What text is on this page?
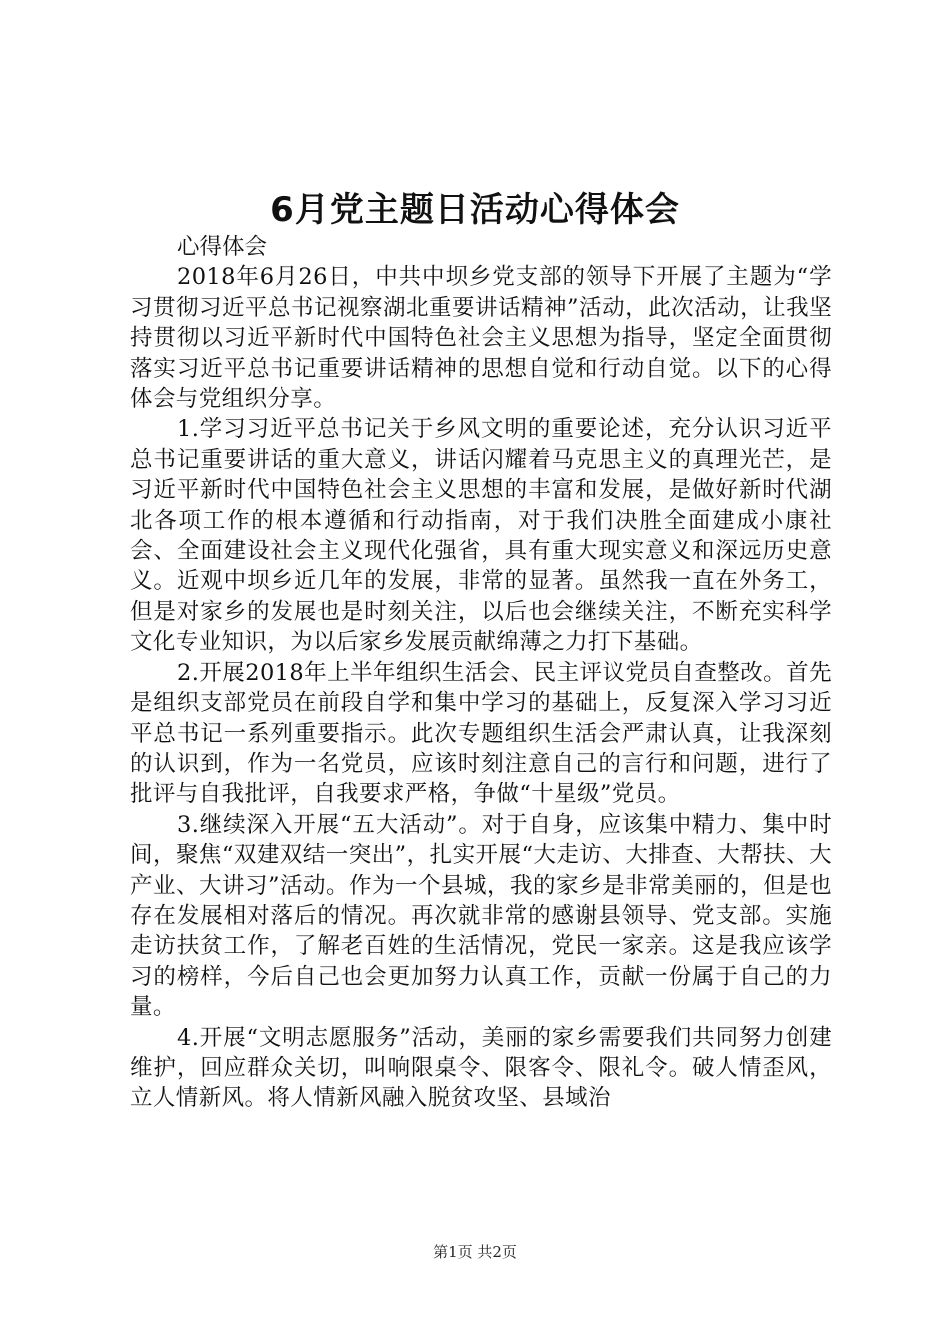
6月党主题日活动心得体会

心得体会

2018年6月26日，中共中坝乡党支部的领导下开展了主题为“学习贯彻习近平总书记视察湖北重要讲话精神”活动，此次活动，让我坚持贯彻以习近平新时代中国特色社会主义思想为指导，坚定全面贯彻落实习近平总书记重要讲话精神的思想自觉和行动自觉。以下的心得体会与党组织分享。

1.学习习近平总书记关于乡风文明的重要论述，充分认识习近平总书记重要讲话的重大意义，讲话闪耀着马克思主义的真理光芒，是习近平新时代中国特色社会主义思想的丰富和发展，是做好新时代湖北各项工作的根本遵循和行动指南，对于我们决胜全面建成小康社会、全面建设社会主义现代化强省，具有重大现实意义和深远历史意义。近观中坝乡近几年的发展，非常的显著。虽然我一直在外务工，但是对家乡的发展也是时刻关注，以后也会继续关注，不断充实科学文化专业知识，为以后家乡发展贡献绵薄之力打下基础。

2.开展2018年上半年组织生活会、民主评议党员自查整改。首先是组织支部党员在前段自学和集中学习的基础上，反复深入学习习近平总书记一系列重要指示。此次专题组织生活会严肃认真，让我深刻的认识到，作为一名党员，应该时刻注意自己的言行和问题，进行了批评与自我批评，自我要求严格，争做“十星级”党员。

3.继续深入开展“五大活动”。对于自身，应该集中精力、集中时间，聚焦“双建双结一突出”，扎实开展“大走访、大排查、大帮扶、大产业、大讲习”活动。作为一个县城，我的家乡是非常美丽的，但是也存在发展相对落后的情况。再次就非常的感谢县领导、党支部。实施走访扶贫工作，了解老百姓的生活情况，党民一家亲。这是我应该学习的榜样，今后自己也会更加努力认真工作，贡献一份属于自己的力量。

4.开展“文明志愿服务”活动，美丽的家乡需要我们共同努力创建维护，回应群众关切，叫响限桌令、限客令、限礼令。破人情歪风，立人情新风。将人情新风融入脱贫攻坚、县域治

第1页 共2页
